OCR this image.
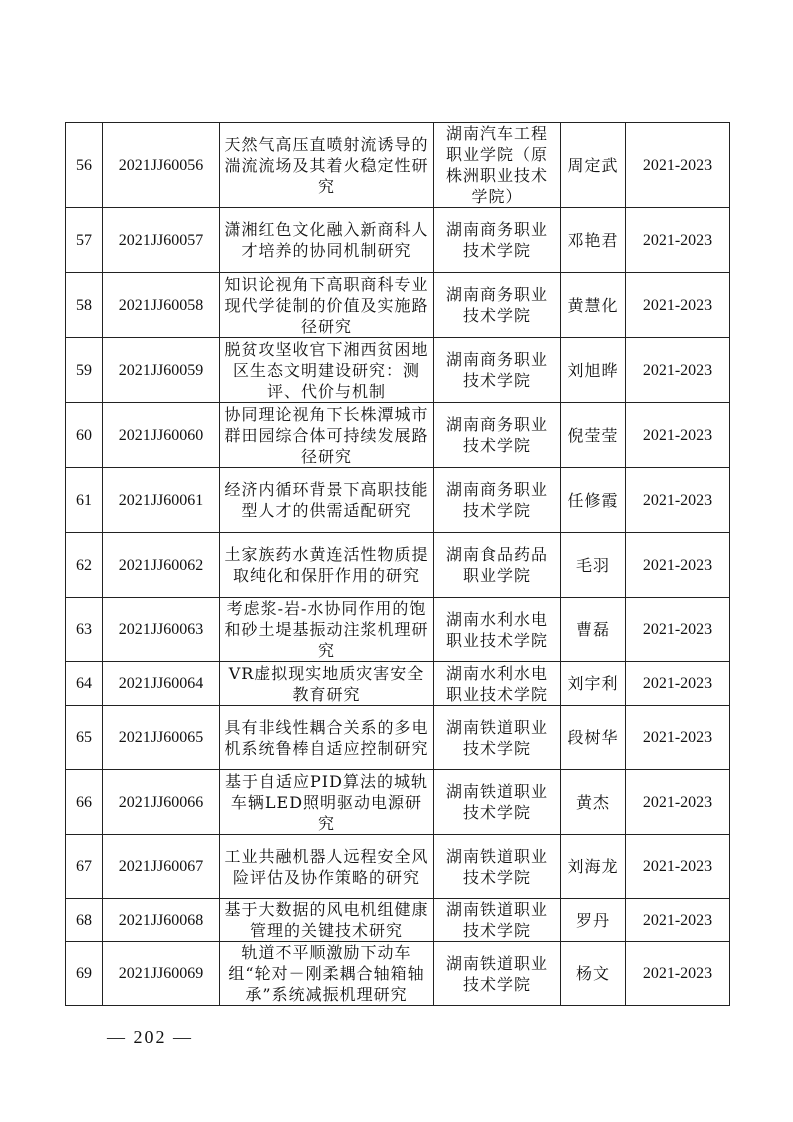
56	2021JJ60056	天然气高压直喷射流诱导的湍流流场及其着火稳定性研究	湖南汽车工程职业学院（原株洲职业技术学院）	周定武	2021-2023
57	2021JJ60057	潇湘红色文化融入新商科人才培养的协同机制研究	湖南商务职业技术学院	邓艳君	2021-2023
58	2021JJ60058	知识论视角下高职商科专业现代学徒制的价值及实施路径研究	湖南商务职业技术学院	黄慧化	2021-2023
59	2021JJ60059	脱贫攻坚收官下湘西贫困地区生态文明建设研究：测评、代价与机制	湖南商务职业技术学院	刘旭晔	2021-2023
60	2021JJ60060	协同理论视角下长株潭城市群田园综合体可持续发展路径研究	湖南商务职业技术学院	倪莹莹	2021-2023
61	2021JJ60061	经济内循环背景下高职技能型人才的供需适配研究	湖南商务职业技术学院	任修霞	2021-2023
62	2021JJ60062	土家族药水黄连活性物质提取纯化和保肝作用的研究	湖南食品药品职业学院	毛羽	2021-2023
63	2021JJ60063	考虑浆-岩-水协同作用的饱和砂土堤基振动注浆机理研究	湖南水利水电职业技术学院	曹磊	2021-2023
64	2021JJ60064	VR虚拟现实地质灾害安全教育研究	湖南水利水电职业技术学院	刘宇利	2021-2023
65	2021JJ60065	具有非线性耦合关系的多电机系统鲁棒自适应控制研究	湖南铁道职业技术学院	段树华	2021-2023
66	2021JJ60066	基于自适应PID算法的城轨车辆LED照明驱动电源研究	湖南铁道职业技术学院	黄杰	2021-2023
67	2021JJ60067	工业共融机器人远程安全风险评估及协作策略的研究	湖南铁道职业技术学院	刘海龙	2021-2023
68	2021JJ60068	基于大数据的风电机组健康管理的关键技术研究	湖南铁道职业技术学院	罗丹	2021-2023
69	2021JJ60069	轨道不平顺激励下动车组“轮对－刚柔耦合轴箱轴承”系统减振机理研究	湖南铁道职业技术学院	杨文	2021-2023
— 202 —
